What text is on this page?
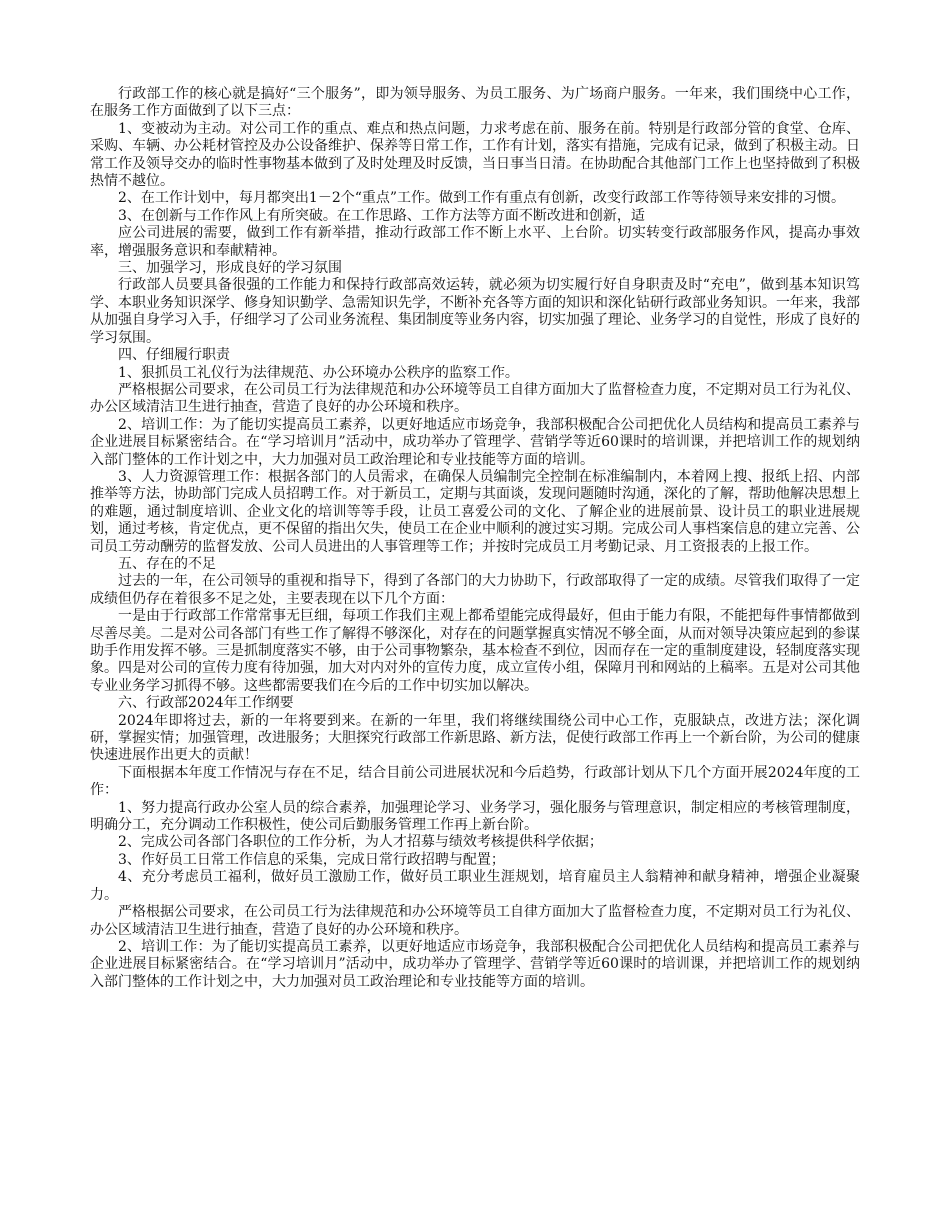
行政部工作的核心就是搞好“三个服务”，即为领导服务、为员工服务、为广场商户服务。一年来，我们围绕中心工作，在服务工作方面做到了以下三点：

1、变被动为主动。对公司工作的重点、难点和热点问题，力求考虑在前、服务在前。特别是行政部分管的食堂、仓库、采购、车辆、办公耗材管控及办公设备维护、保养等日常工作，工作有计划，落实有措施，完成有记录，做到了积极主动。日常工作及领导交办的临时性事物基本做到了及时处理及时反馈，当日事当日清。在协助配合其他部门工作上也坚持做到了积极热情不越位。

2、在工作计划中，每月都突出1－2个“重点”工作。做到工作有重点有创新，改变行政部工作等待领导来安排的习惯。

3、在创新与工作作风上有所突破。在工作思路、工作方法等方面不断改进和创新，适

应公司进展的需要，做到工作有新举措，推动行政部工作不断上水平、上台阶。切实转变行政部服务作风，提高办事效率，增强服务意识和奉献精神。

三、加强学习，形成良好的学习氛围

行政部人员要具备很强的工作能力和保持行政部高效运转，就必须为切实履行好自身职责及时“充电”，做到基本知识笃学、本职业务知识深学、修身知识勤学、急需知识先学，不断补充各等方面的知识和深化钻研行政部业务知识。一年来，我部从加强自身学习入手，仔细学习了公司业务流程、集团制度等业务内容，切实加强了理论、业务学习的自觉性，形成了良好的学习氛围。

四、仔细履行职责

1、狠抓员工礼仪行为法律规范、办公环境办公秩序的监察工作。

严格根据公司要求，在公司员工行为法律规范和办公环境等员工自律方面加大了监督检查力度，不定期对员工行为礼仪、办公区域清洁卫生进行抽查，营造了良好的办公环境和秩序。

2、培训工作：为了能切实提高员工素养，以更好地适应市场竞争，我部积极配合公司把优化人员结构和提高员工素养与企业进展目标紧密结合。在“学习培训月”活动中，成功举办了管理学、营销学等近60课时的培训课，并把培训工作的规划纳入部门整体的工作计划之中，大力加强对员工政治理论和专业技能等方面的培训。

3、人力资源管理工作：根据各部门的人员需求，在确保人员编制完全控制在标准编制内，本着网上搜、报纸上招、内部推举等方法，协助部门完成人员招聘工作。对于新员工，定期与其面谈，发现问题随时沟通，深化的了解，帮助他解决思想上的难题，通过制度培训、企业文化的培训等等手段，让员工喜爱公司的文化、了解企业的进展前景、设计员工的职业进展规划，通过考核，肯定优点，更不保留的指出欠失，使员工在企业中顺利的渡过实习期。完成公司人事档案信息的建立完善、公司员工劳动酬劳的监督发放、公司人员进出的人事管理等工作；并按时完成员工月考勤记录、月工资报表的上报工作。

五、存在的不足

过去的一年，在公司领导的重视和指导下，得到了各部门的大力协助下，行政部取得了一定的成绩。尽管我们取得了一定成绩但仍存在着很多不足之处，主要表现在以下几个方面：

一是由于行政部工作常常事无巨细，每项工作我们主观上都希望能完成得最好，但由于能力有限，不能把每件事情都做到尽善尽美。二是对公司各部门有些工作了解得不够深化，对存在的问题掌握真实情况不够全面，从而对领导决策应起到的参谋助手作用发挥不够。三是抓制度落实不够，由于公司事物繁杂，基本检查不到位，因而存在一定的重制度建设，轻制度落实现象。四是对公司的宣传力度有待加强，加大对内对外的宣传力度，成立宣传小组，保障月刊和网站的上稿率。五是对公司其他专业业务学习抓得不够。这些都需要我们在今后的工作中切实加以解决。

六、行政部2024年工作纲要

2024年即将过去，新的一年将要到来。在新的一年里，我们将继续围绕公司中心工作，克服缺点，改进方法；深化调研，掌握实情；加强管理，改进服务；大胆探究行政部工作新思路、新方法，促使行政部工作再上一个新台阶，为公司的健康快速进展作出更大的贡献！

下面根据本年度工作情况与存在不足，结合目前公司进展状况和今后趋势，行政部计划从下几个方面开展2024年度的工作：

1、努力提高行政办公室人员的综合素养，加强理论学习、业务学习，强化服务与管理意识，制定相应的考核管理制度，明确分工，充分调动工作积极性，使公司后勤服务管理工作再上新台阶。

2、完成公司各部门各职位的工作分析，为人才招募与绩效考核提供科学依据；

3、作好员工日常工作信息的采集，完成日常行政招聘与配置；

4、充分考虑员工福利，做好员工激励工作，做好员工职业生涯规划，培育雇员主人翁精神和献身精神，增强企业凝聚力。

严格根据公司要求，在公司员工行为法律规范和办公环境等员工自律方面加大了监督检查力度，不定期对员工行为礼仪、办公区域清洁卫生进行抽查，营造了良好的办公环境和秩序。

2、培训工作：为了能切实提高员工素养，以更好地适应市场竞争，我部积极配合公司把优化人员结构和提高员工素养与企业进展目标紧密结合。在“学习培训月”活动中，成功举办了管理学、营销学等近60课时的培训课，并把培训工作的规划纳入部门整体的工作计划之中，大力加强对员工政治理论和专业技能等方面的培训。
